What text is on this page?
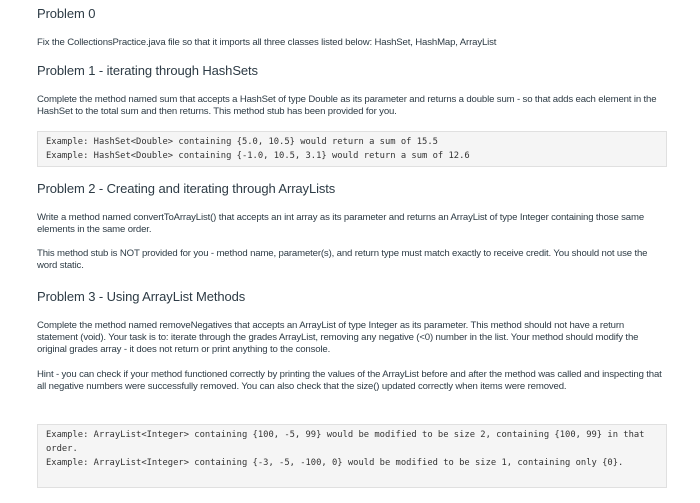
Problem 0

Fix the CollectionsPractice.java file so that it imports all three classes listed below: HashSet, HashMap, ArrayList

Problem 1 - iterating through HashSets

Complete the method named sum that accepts a HashSet of type Double as its parameter and returns a double sum - so that adds each element in the HashSet to the total sum and then returns. This method stub has been provided for you.

Example: HashSet<Double> containing {5.0, 10.5} would return a sum of 15.5
Example: HashSet<Double> containing {-1.0, 10.5, 3.1} would return a sum of 12.6
Problem 2 - Creating and iterating through ArrayLists

Write a method named convertToArrayList() that accepts an int array as its parameter and returns an ArrayList of type Integer containing those same elements in the same order.

This method stub is NOT provided for you - method name, parameter(s), and return type must match exactly to receive credit. You should not use the word static.

Problem 3 - Using ArrayList Methods

Complete the method named removeNegatives that accepts an ArrayList of type Integer as its parameter. This method should not have a return statement (void). Your task is to: iterate through the grades ArrayList, removing any negative (<0) number in the list. Your method should modify the original grades array - it does not return or print anything to the console.

Hint - you can check if your method functioned correctly by printing the values of the ArrayList before and after the method was called and inspecting that all negative numbers were successfully removed. You can also check that the size() updated correctly when items were removed.

Example: ArrayList<Integer> containing {100, -5, 99} would be modified to be size 2, containing {100, 99} in that order.
Example: ArrayList<Integer> containing {-3, -5, -100, 0} would be modified to be size 1, containing only {0}.
